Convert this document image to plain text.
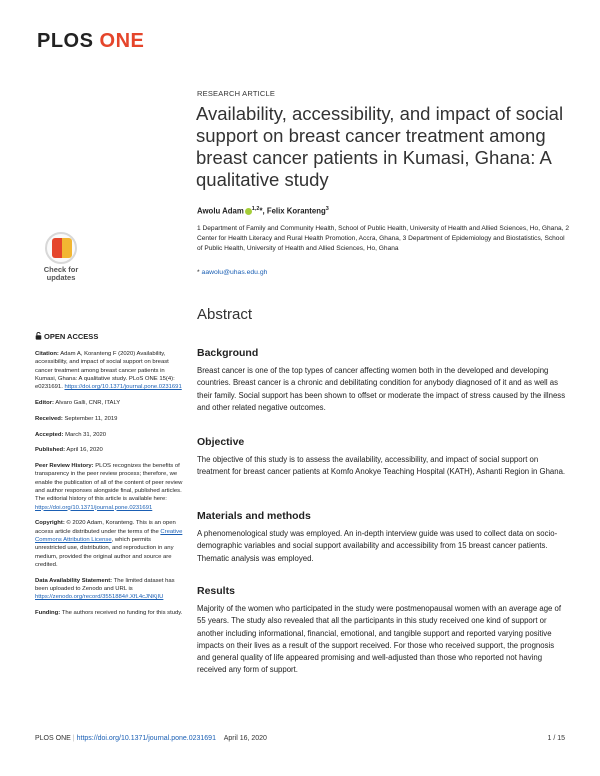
PLOS ONE
RESEARCH ARTICLE
Availability, accessibility, and impact of social support on breast cancer treatment among breast cancer patients in Kumasi, Ghana: A qualitative study
Awolu Adam $^{1,2}$*, Felix Koranteng$^3$
1 Department of Family and Community Health, School of Public Health, University of Health and Allied Sciences, Ho, Ghana, 2 Center for Health Literacy and Rural Health Promotion, Accra, Ghana, 3 Department of Epidemiology and Biostatistics, School of Public Health, University of Health and Allied Sciences, Ho, Ghana
* aawolu@uhas.edu.gh
Check for
updates
OPEN ACCESS
Citation: Adam A, Koranteng F (2020) Availability, accessibility, and impact of social support on breast cancer treatment among breast cancer patients in Kumasi, Ghana: A qualitative study. PLoS ONE 15(4): e0231691. https://doi.org/10.1371/journal.pone.0231691
Editor: Alvaro Galli, CNR, ITALY
Received: September 11, 2019
Accepted: March 31, 2020
Published: April 16, 2020
Peer Review History: PLOS recognizes the benefits of transparency in the peer review process; therefore, we enable the publication of all of the content of peer review and author responses alongside final, published articles. The editorial history of this article is available here: https://doi.org/10.1371/journal.pone.0231691
Copyright: © 2020 Adam, Koranteng. This is an open access article distributed under the terms of the Creative Commons Attribution License, which permits unrestricted use, distribution, and reproduction in any medium, provided the original author and source are credited.
Data Availability Statement: The limited dataset has been uploaded to Zenodo and URL is https://zenodo.org/record/3551884#.XfL4cJNKjIU
Funding: The authors received no funding for this study.
Abstract
Background

Breast cancer is one of the top types of cancer affecting women both in the developed and developing countries. Breast cancer is a chronic and debilitating condition for anybody diagnosed of it and as well as their family. Social support has been shown to offset or moderate the impact of stress caused by the illness and other related negative outcomes.

Objective

The objective of this study is to assess the availability, accessibility, and impact of social support on treatment for breast cancer patients at Komfo Anokye Teaching Hospital (KATH), Ashanti Region in Ghana.

Materials and methods

A phenomenological study was employed. An in-depth interview guide was used to collect data on socio-demographic variables and social support availability and accessibility from 15 breast cancer patients. Thematic analysis was employed.

Results

Majority of the women who participated in the study were postmenopausal women with an average age of 55 years. The study also revealed that all the participants in this study received one kind of support or another including informational, financial, emotional, and tangible support and reported varying positive impacts on their lives as a result of the support received. For those who received support, the prognosis and general quality of life appeared promising and well-adjusted than those who reported not having received any form of support.

PLOS ONE | https://doi.org/10.1371/journal.pone.0231691 April 16, 2020	1 / 15
